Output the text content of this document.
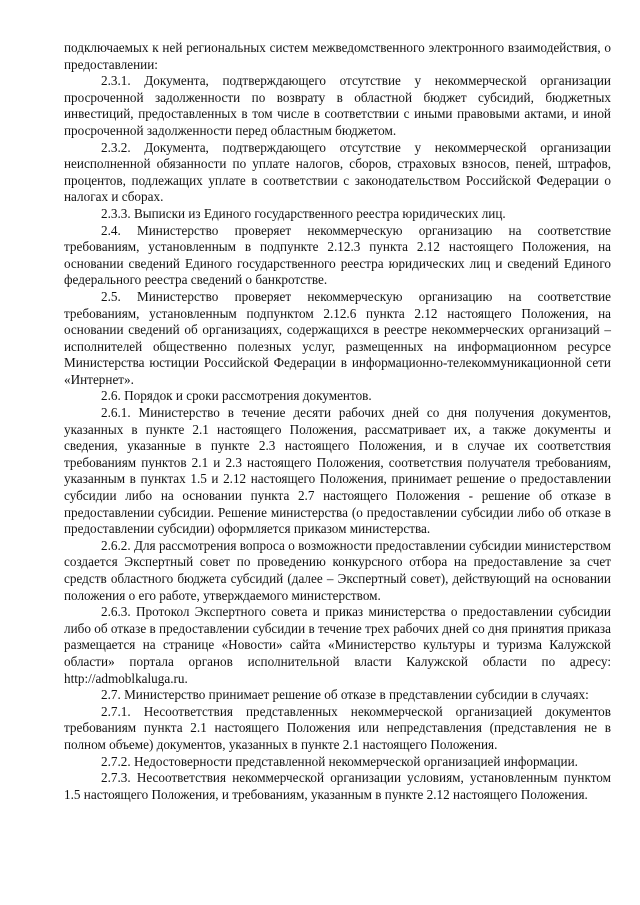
подключаемых к ней региональных систем межведомственного электронного взаимодействия, о предоставлении:

2.3.1. Документа, подтверждающего отсутствие у некоммерческой организации просроченной задолженности по возврату в областной бюджет субсидий, бюджетных инвестиций, предоставленных в том числе в соответствии с иными правовыми актами, и иной просроченной задолженности перед областным бюджетом.

2.3.2. Документа, подтверждающего отсутствие у некоммерческой организации неисполненной обязанности по уплате налогов, сборов, страховых взносов, пеней, штрафов, процентов, подлежащих уплате в соответствии с законодательством Российской Федерации о налогах и сборах.

2.3.3. Выписки из Единого государственного реестра юридических лиц.

2.4. Министерство проверяет некоммерческую организацию на соответствие требованиям, установленным в подпункте 2.12.3 пункта 2.12 настоящего Положения, на основании сведений Единого государственного реестра юридических лиц и сведений Единого федерального реестра сведений о банкротстве.

2.5. Министерство проверяет некоммерческую организацию на соответствие требованиям, установленным подпунктом 2.12.6 пункта 2.12 настоящего Положения, на основании сведений об организациях, содержащихся в реестре некоммерческих организаций – исполнителей общественно полезных услуг, размещенных на информационном ресурсе Министерства юстиции Российской Федерации в информационно-телекоммуникационной сети «Интернет».

2.6. Порядок и сроки рассмотрения документов.

2.6.1. Министерство в течение десяти рабочих дней со дня получения документов, указанных в пункте 2.1 настоящего Положения, рассматривает их, а также документы и сведения, указанные в пункте 2.3 настоящего Положения, и в случае их соответствия требованиям пунктов 2.1 и 2.3 настоящего Положения, соответствия получателя требованиям, указанным в пунктах 1.5 и 2.12 настоящего Положения, принимает решение о предоставлении субсидии либо на основании пункта 2.7 настоящего Положения - решение об отказе в предоставлении субсидии. Решение министерства (о предоставлении субсидии либо об отказе в предоставлении субсидии) оформляется приказом министерства.

2.6.2. Для рассмотрения вопроса о возможности предоставлении субсидии министерством создается Экспертный совет по проведению конкурсного отбора на предоставление за счет средств областного бюджета субсидий (далее – Экспертный совет), действующий на основании положения о его работе, утверждаемого министерством.

2.6.3. Протокол Экспертного совета и приказ министерства о предоставлении субсидии либо об отказе в предоставлении субсидии в течение трех рабочих дней со дня принятия приказа размещается на странице «Новости» сайта «Министерство культуры и туризма Калужской области» портала органов исполнительной власти Калужской области по адресу: http://admoblkaluga.ru.

2.7. Министерство принимает решение об отказе в представлении субсидии в случаях:

2.7.1. Несоответствия представленных некоммерческой организацией документов требованиям пункта 2.1 настоящего Положения или непредставления (представления не в полном объеме) документов, указанных в пункте 2.1 настоящего Положения.

2.7.2. Недостоверности представленной некоммерческой организацией информации.

2.7.3. Несоответствия некоммерческой организации условиям, установленным пунктом 1.5 настоящего Положения, и требованиям, указанным в пункте 2.12 настоящего Положения.
